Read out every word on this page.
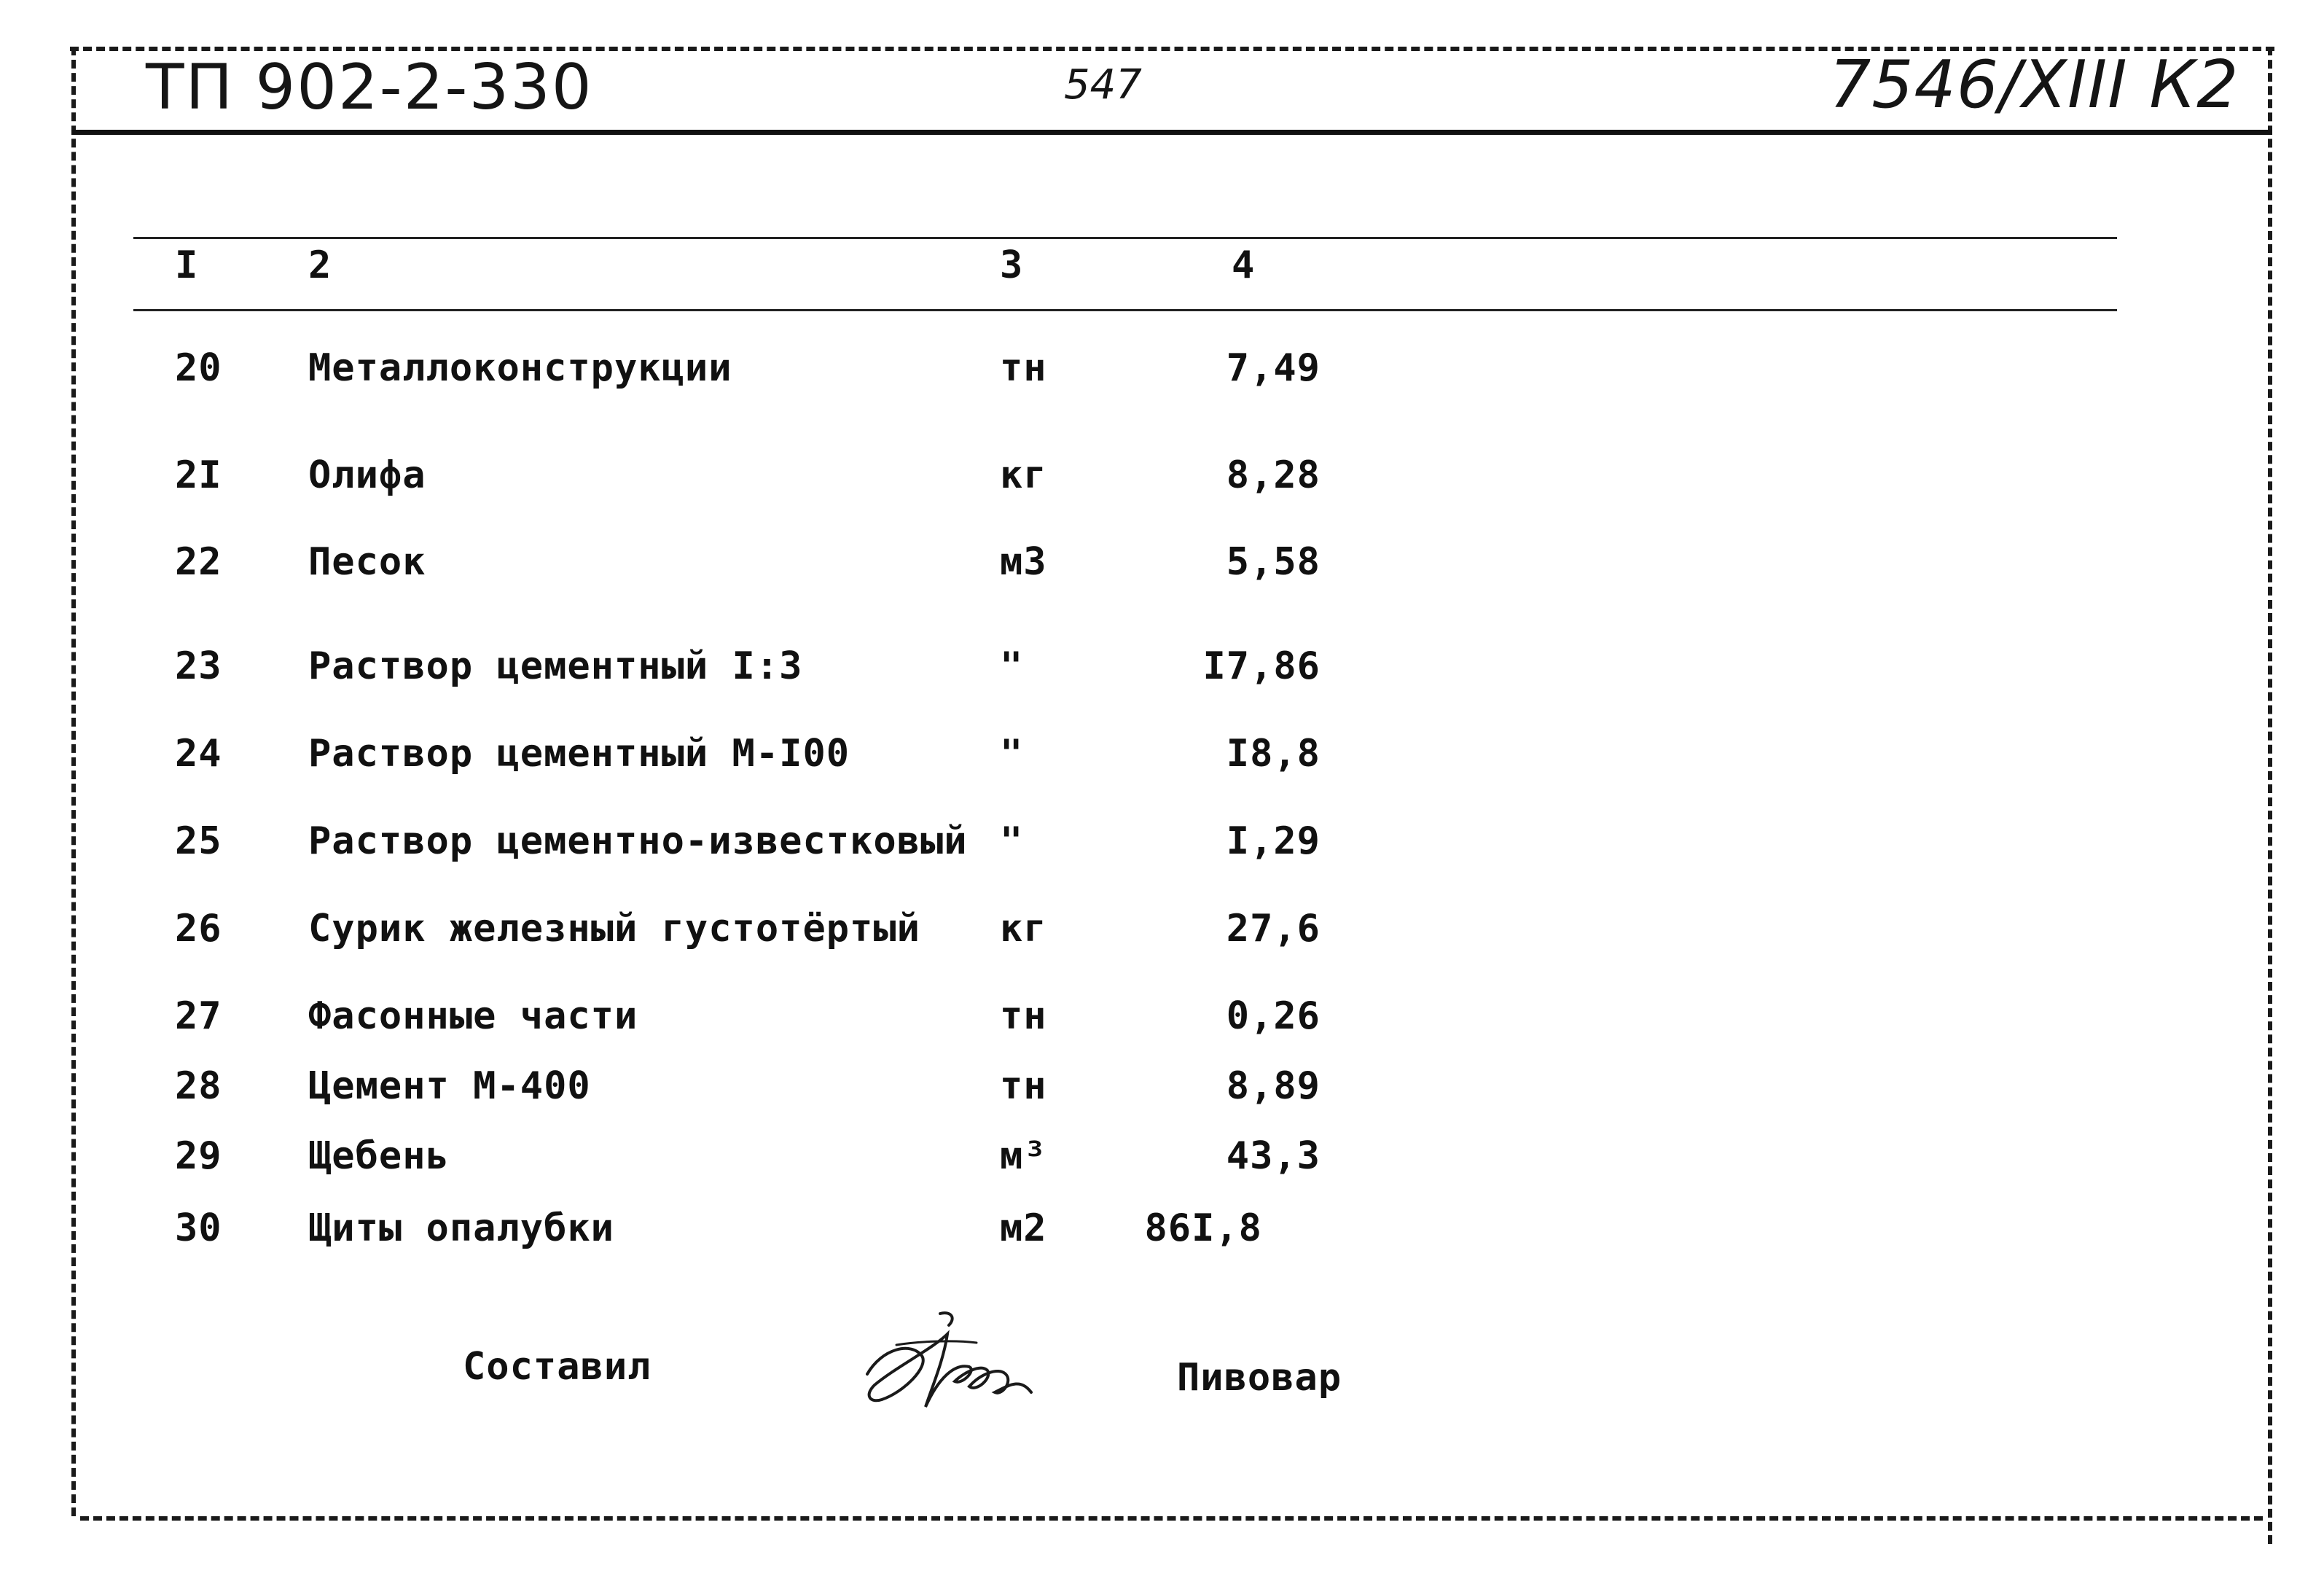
ТП 902-2-330	547	7546/XIII К2
I	2	3	4
20 Металлоконструкции	тн	7,49
2I Олифа	кг	8,28
22 Песок	м3	5,58
23 Раствор цементный I:3	"	I7,86
24 Раствор цементный М-I00	"	I8,8
25 Раствор цементно-известковый "	I,29
26 Сурик железный густотёртый кг	27,6
27 Фасонные части	тн	0,26
28 Цемент М-400	тн	8,89
29 Щебень	м³	43,3
30 Щиты опалубки	м2	86I,8
Составил	Пивовар
